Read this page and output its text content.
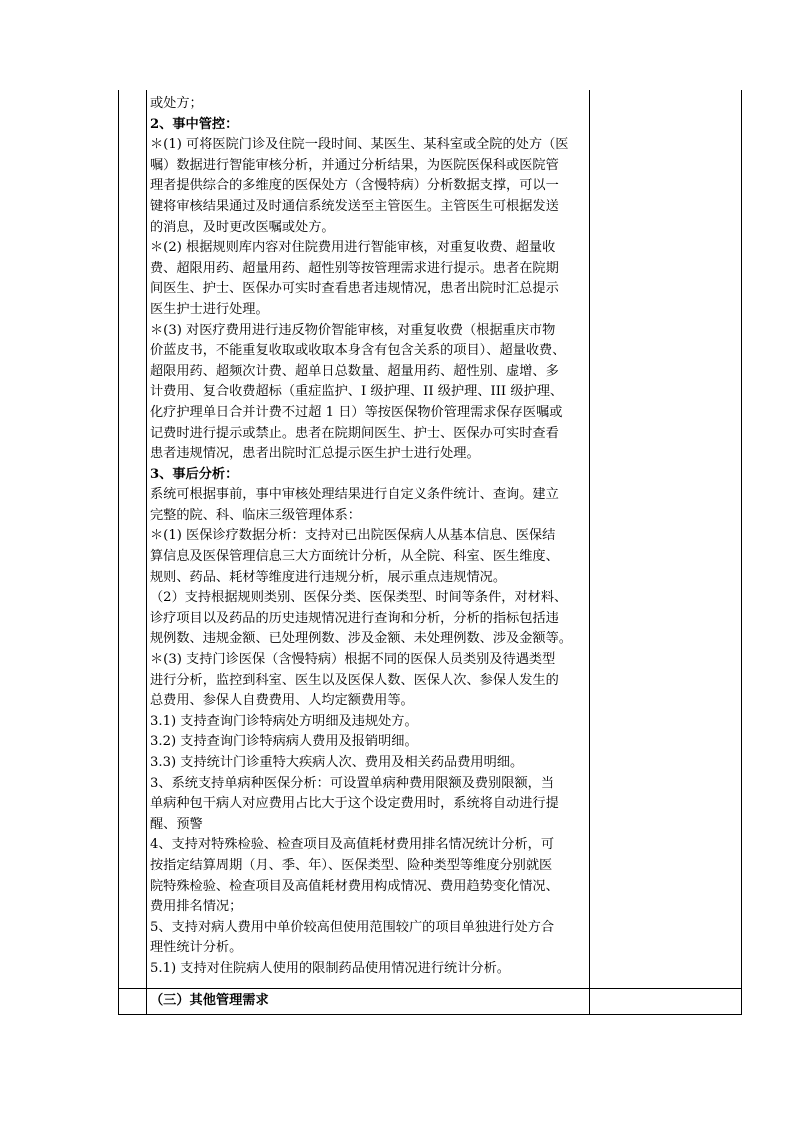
或处方；
2、事中管控：
＊(1) 可将医院门诊及住院一段时间、某医生、某科室或全院的处方（医
嘱）数据进行智能审核分析，并通过分析结果，为医院医保科或医院管
理者提供综合的多维度的医保处方（含慢特病）分析数据支撑，可以一
键将审核结果通过及时通信系统发送至主管医生。主管医生可根据发送
的消息，及时更改医嘱或处方。
＊(2) 根据规则库内容对住院费用进行智能审核，对重复收费、超量收
费、超限用药、超量用药、超性别等按管理需求进行提示。患者在院期
间医生、护士、医保办可实时查看患者违规情况，患者出院时汇总提示
医生护士进行处理。
＊(3) 对医疗费用进行违反物价智能审核，对重复收费（根据重庆市物
价蓝皮书，不能重复收取或收取本身含有包含关系的项目）、超量收费、
超限用药、超频次计费、超单日总数量、超量用药、超性别、虚增、多
计费用、复合收费超标（重症监护、I 级护理、II 级护理、III 级护理、
化疗护理单日合并计费不过超 1 日）等按医保物价管理需求保存医嘱或
记费时进行提示或禁止。患者在院期间医生、护士、医保办可实时查看
患者违规情况，患者出院时汇总提示医生护士进行处理。
3、事后分析：
系统可根据事前，事中审核处理结果进行自定义条件统计、查询。建立
完整的院、科、临床三级管理体系：
＊(1) 医保诊疗数据分析：支持对已出院医保病人从基本信息、医保结
算信息及医保管理信息三大方面统计分析，从全院、科室、医生维度、
规则、药品、耗材等维度进行违规分析，展示重点违规情况。
（2）支持根据规则类别、医保分类、医保类型、时间等条件，对材料、
诊疗项目以及药品的历史违规情况进行查询和分析，分析的指标包括违
规例数、违规金额、已处理例数、涉及金额、未处理例数、涉及金额等。
＊(3) 支持门诊医保（含慢特病）根据不同的医保人员类别及待遇类型
进行分析，监控到科室、医生以及医保人数、医保人次、参保人发生的
总费用、参保人自费费用、人均定额费用等。
3.1) 支持查询门诊特病处方明细及违规处方。
3.2) 支持查询门诊特病病人费用及报销明细。
3.3) 支持统计门诊重特大疾病人次、费用及相关药品费用明细。
3、系统支持单病种医保分析：可设置单病种费用限额及费别限额，当
单病种包干病人对应费用占比大于这个设定费用时，系统将自动进行提
醒、预警
4、支持对特殊检验、检查项目及高值耗材费用排名情况统计分析，可
按指定结算周期（月、季、年）、医保类型、险种类型等维度分别就医
院特殊检验、检查项目及高值耗材费用构成情况、费用趋势变化情况、
费用排名情况；
5、支持对病人费用中单价较高但使用范围较广的项目单独进行处方合
理性统计分析。
5.1) 支持对住院病人使用的限制药品使用情况进行统计分析。
（三）其他管理需求
